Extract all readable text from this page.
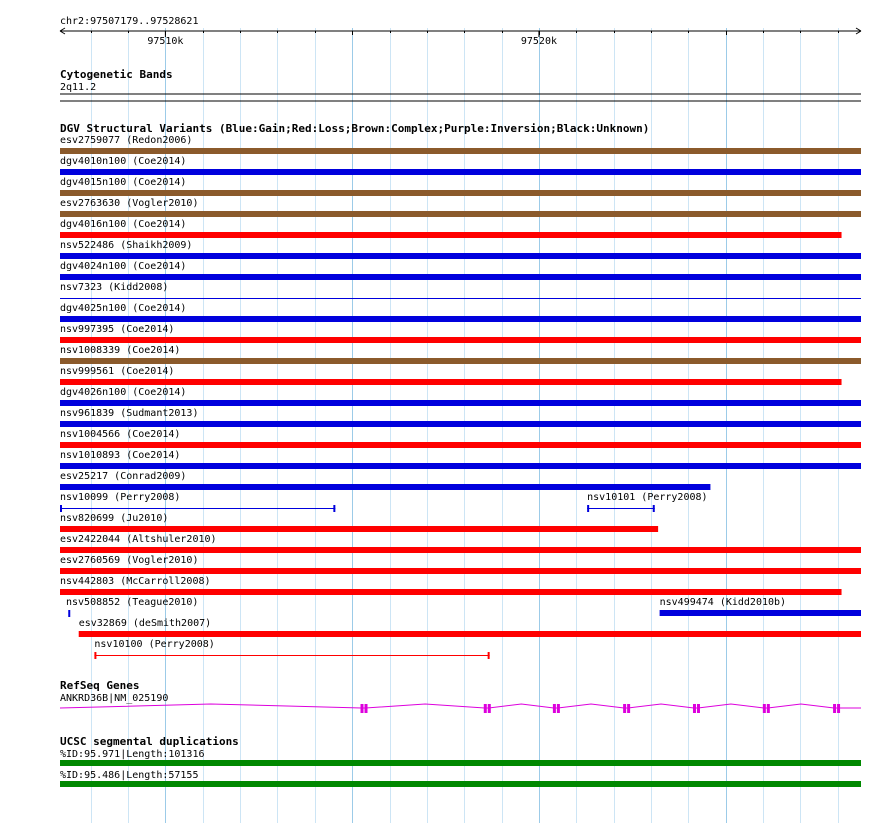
chr2:97507179..97528621
97510k	97520k
Cytogenetic Bands
2q11.2
DGV Structural Variants (Blue:Gain;Red:Loss;Brown:Complex;Purple:Inversion;Black:Unknown)
esv2759077 (Redon2006)
dgv4010n100 (Coe2014)
dgv4015n100 (Coe2014)
esv2763630 (Vogler2010)
dgv4016n100 (Coe2014)
nsv522486 (Shaikh2009)
dgv4024n100 (Coe2014)
nsv7323 (Kidd2008)
dgv4025n100 (Coe2014)
nsv997395 (Coe2014)
nsv1008339 (Coe2014)
nsv999561 (Coe2014)
dgv4026n100 (Coe2014)
nsv961839 (Sudmant2013)
nsv1004566 (Coe2014)
nsv1010893 (Coe2014)
esv25217 (Conrad2009)
nsv10099 (Perry2008)	nsv10101 (Perry2008)
nsv820699 (Ju2010)
esv2422044 (Altshuler2010)
esv2760569 (Vogler2010)
nsv442803 (McCarroll2008)
nsv508852 (Teague2010)	nsv499474 (Kidd2010b)
esv32869 (deSmith2007)
nsv10100 (Perry2008)
RefSeq Genes
ANKRD36B|NM_025190
UCSC segmental duplications
%ID:95.971|Length:101316
%ID:95.486|Length:57155
